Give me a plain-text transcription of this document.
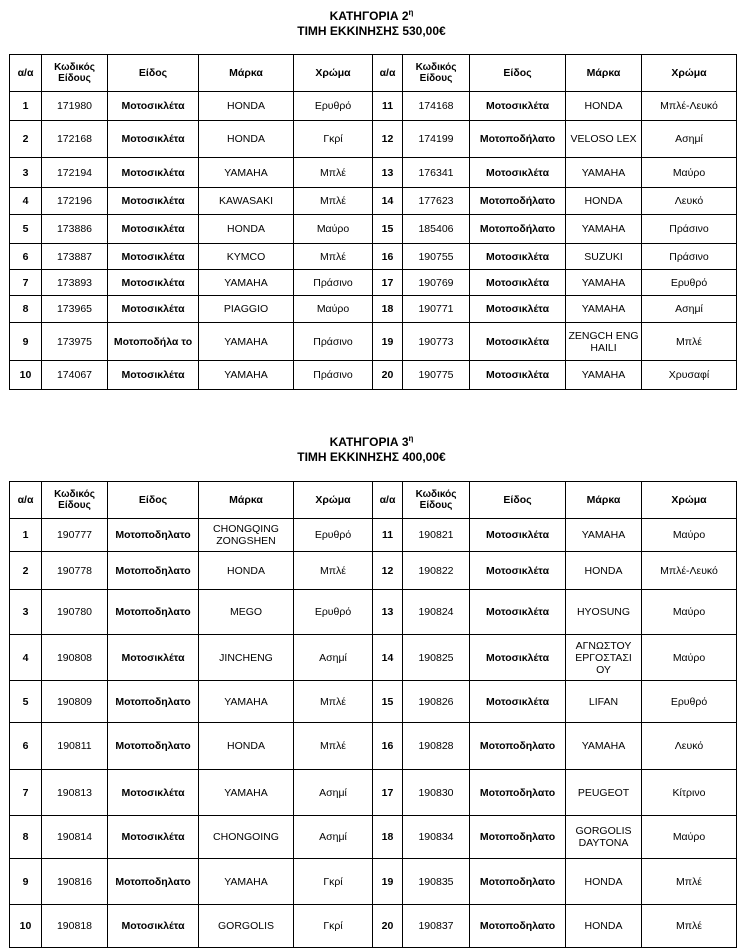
ΚΑΤΗΓΟΡΙΑ $2^\eta$
ΤΙΜΗ ΕΚΚΙΝΗΣΗΣ 530,00€
α/α	Κωδικός Είδους	Είδος	Μάρκα	Χρώμα	α/α	Κωδικός Είδους	Είδος	Μάρκα	Χρώμα
1	171980	Μοτοσικλέτα	HONDA	Ερυθρό	11	174168	Μοτοσικλέτα	HONDA	Μπλέ-Λευκό
2	172168	Μοτοσικλέτα	HONDA	Γκρί	12	174199	Μοτοποδήλατο	VELOSO LEX	Ασημί
3	172194	Μοτοσικλέτα	YAMAHA	Μπλέ	13	176341	Μοτοσικλέτα	YAMAHA	Μαύρο
4	172196	Μοτοσικλέτα	KAWASAKI	Μπλέ	14	177623	Μοτοποδήλατο	HONDA	Λευκό
5	173886	Μοτοσικλέτα	HONDA	Μαύρο	15	185406	Μοτοποδήλατο	YAMAHA	Πράσινο
6	173887	Μοτοσικλέτα	KYMCO	Μπλέ	16	190755	Μοτοσικλέτα	SUZUKI	Πράσινο
7	173893	Μοτοσικλέτα	YAMAHA	Πράσινο	17	190769	Μοτοσικλέτα	YAMAHA	Ερυθρό
8	173965	Μοτοσικλέτα	PIAGGIO	Μαύρο	18	190771	Μοτοσικλέτα	YAMAHA	Ασημί
9	173975	Μοτοποδήλα το	YAMAHA	Πράσινο	19	190773	Μοτοσικλέτα	ZENGCH ENG HAILI	Μπλέ
10	174067	Μοτοσικλέτα	YAMAHA	Πράσινο	20	190775	Μοτοσικλέτα	YAMAHA	Χρυσαφί
ΚΑΤΗΓΟΡΙΑ $3^\eta$
ΤΙΜΗ ΕΚΚΙΝΗΣΗΣ 400,00€
α/α	Κωδικός Είδους	Είδος	Μάρκα	Χρώμα	α/α	Κωδικός Είδους	Είδος	Μάρκα	Χρώμα
1	190777	Μοτοποδηλατο	CHONGQING ZONGSHEN	Ερυθρό	11	190821	Μοτοσικλέτα	YAMAHA	Μαύρο
2	190778	Μοτοποδηλατο	HONDA	Μπλέ	12	190822	Μοτοσικλέτα	HONDA	Μπλέ-Λευκό
3	190780	Μοτοποδηλατο	MEGO	Ερυθρό	13	190824	Μοτοσικλέτα	HYOSUNG	Μαύρο
4	190808	Μοτοσικλέτα	JINCHENG	Ασημί	14	190825	Μοτοσικλέτα	ΑΓΝΩΣΤΟΥ ΕΡΓΟΣΤΑΣΙ ΟΥ	Μαύρο
5	190809	Μοτοποδηλατο	YAMAHA	Μπλέ	15	190826	Μοτοσικλέτα	LIFAN	Ερυθρό
6	190811	Μοτοποδηλατο	HONDA	Μπλέ	16	190828	Μοτοποδηλατο	YAMAHA	Λευκό
7	190813	Μοτοσικλέτα	YAMAHA	Ασημί	17	190830	Μοτοποδηλατο	PEUGEOT	Κίτρινο
8	190814	Μοτοσικλέτα	CHONGOING	Ασημί	18	190834	Μοτοποδηλατο	GORGOLIS DAYTONA	Μαύρο
9	190816	Μοτοποδηλατο	YAMAHA	Γκρί	19	190835	Μοτοποδηλατο	HONDA	Μπλέ
10	190818	Μοτοσικλέτα	GORGOLIS	Γκρί	20	190837	Μοτοποδηλατο	HONDA	Μπλέ
